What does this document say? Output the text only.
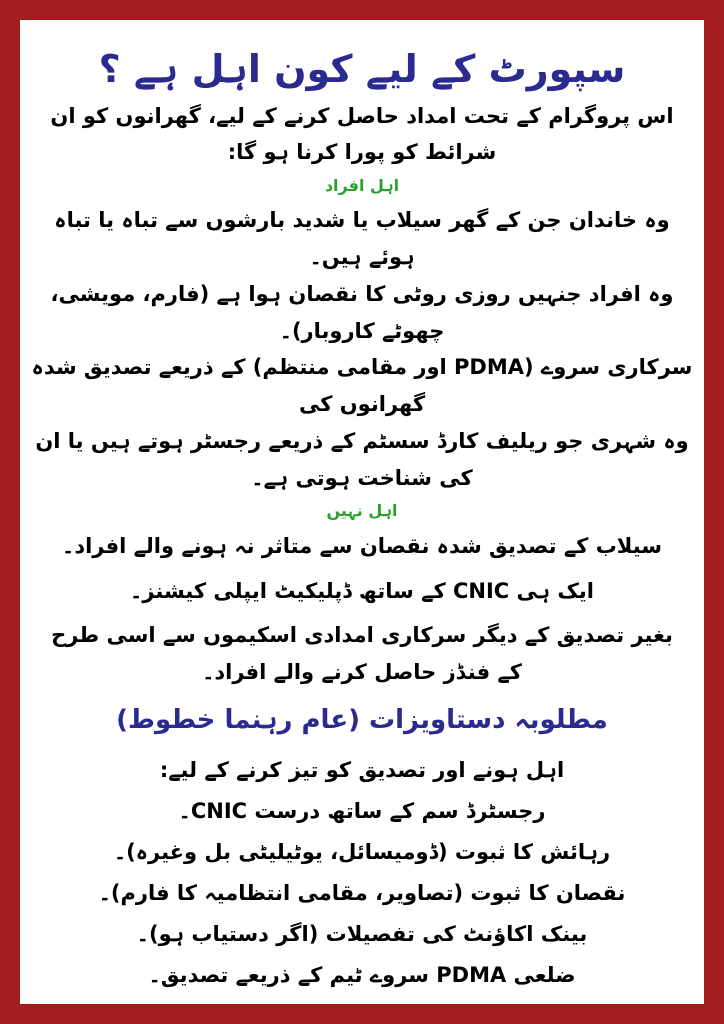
سپورٹ کے لیے کون اہل ہے ؟

اس پروگرام کے تحت امداد حاصل کرنے کے لیے، گھرانوں کو ان شرائط کو پورا کرنا ہو گا:

اہل افراد

وہ خاندان جن کے گھر سیلاب یا شدید بارشوں سے تباہ یا تباہ ہوئے ہیں۔

وہ افراد جنہیں روزی روٹی کا نقصان ہوا ہے (فارم، مویشی، چھوٹے کاروبار)۔

سرکاری سروے (PDMA اور مقامی منتظم) کے ذریعے تصدیق شدہ گھرانوں کی

وہ شہری جو ریلیف کارڈ سسٹم کے ذریعے رجسٹر ہوتے ہیں یا ان کی شناخت ہوتی ہے۔

اہل نہیں

سیلاب کے تصدیق شدہ نقصان سے متاثر نہ ہونے والے افراد۔

ایک ہی CNIC کے ساتھ ڈپلیکیٹ ایپلی کیشنز۔

بغیر تصدیق کے دیگر سرکاری امدادی اسکیموں سے اسی طرح کے فنڈز حاصل کرنے والے افراد۔

مطلوبہ دستاویزات (عام رہنما خطوط)

اہل ہونے اور تصدیق کو تیز کرنے کے لیے:

رجسٹرڈ سم کے ساتھ درست CNIC۔

رہائش کا ثبوت (ڈومیسائل، یوٹیلیٹی بل وغیرہ)۔

نقصان کا ثبوت (تصاویر، مقامی انتظامیہ کا فارم)۔

بینک اکاؤنٹ کی تفصیلات (اگر دستیاب ہو)۔

ضلعی PDMA سروے ٹیم کے ذریعے تصدیق۔
